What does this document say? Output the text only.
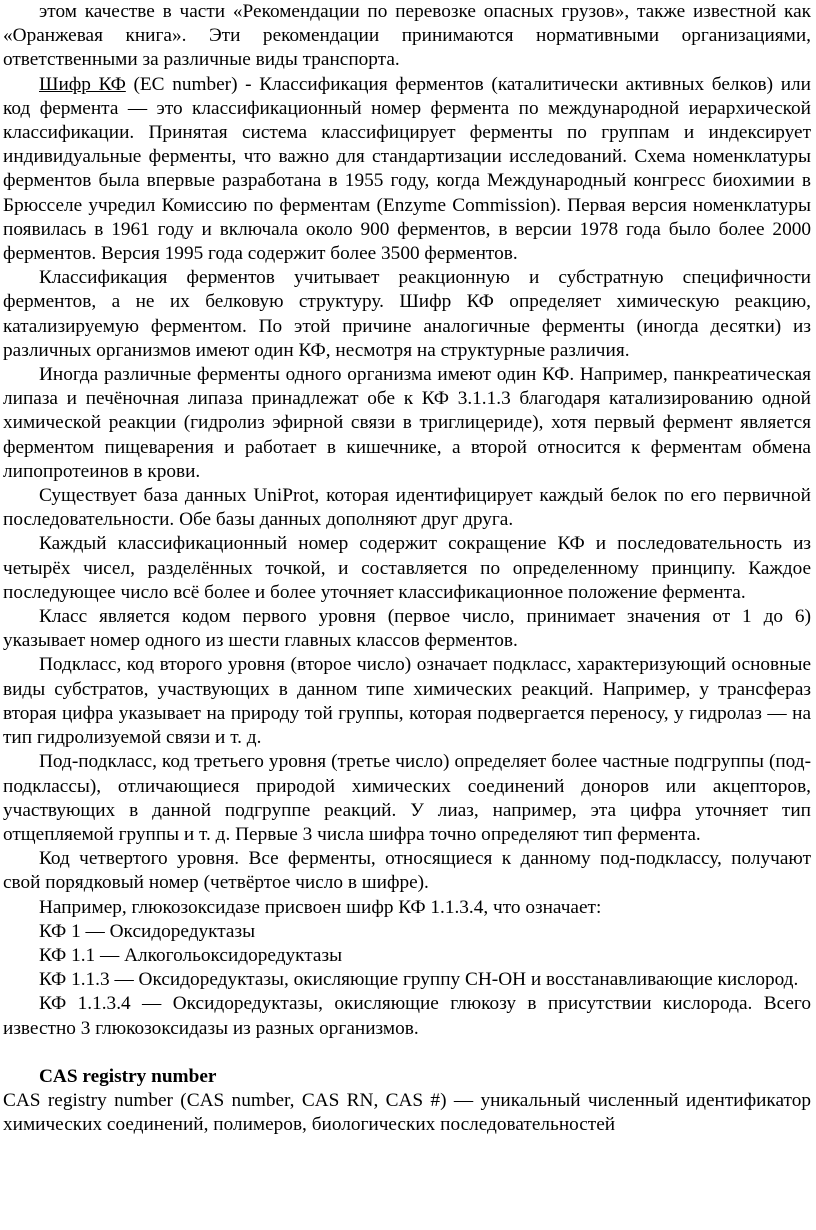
этом качестве в части «Рекомендации по перевозке опасных грузов», также известной как «Оранжевая книга». Эти рекомендации принимаются нормативными организациями, ответственными за различные виды транспорта.

Шифр КФ (EC number) - Классификация ферментов (каталитически активных белков) или код фермента — это классификационный номер фермента по международной иерархической классификации. Принятая система классифицирует ферменты по группам и индексирует индивидуальные ферменты, что важно для стандартизации исследований. Схема номенклатуры ферментов была впервые разработана в 1955 году, когда Международный конгресс биохимии в Брюсселе учредил Комиссию по ферментам (Enzyme Commission). Первая версия номенклатуры появилась в 1961 году и включала около 900 ферментов, в версии 1978 года было более 2000 ферментов. Версия 1995 года содержит более 3500 ферментов.

Классификация ферментов учитывает реакционную и субстратную специфичности ферментов, а не их белковую структуру. Шифр КФ определяет химическую реакцию, катализируемую ферментом. По этой причине аналогичные ферменты (иногда десятки) из различных организмов имеют один КФ, несмотря на структурные различия.

Иногда различные ферменты одного организма имеют один КФ. Например, панкреатическая липаза и печёночная липаза принадлежат обе к КФ 3.1.1.3 благодаря катализированию одной химической реакции (гидролиз эфирной связи в триглицериде), хотя первый фермент является ферментом пищеварения и работает в кишечнике, а второй относится к ферментам обмена липопротеинов в крови.

Существует база данных UniProt, которая идентифицирует каждый белок по его первичной последовательности. Обе базы данных дополняют друг друга.

Каждый классификационный номер содержит сокращение КФ и последовательность из четырёх чисел, разделённых точкой, и составляется по определенному принципу. Каждое последующее число всё более и более уточняет классификационное положение фермента.

Класс является кодом первого уровня (первое число, принимает значения от 1 до 6) указывает номер одного из шести главных классов ферментов.

Подкласс, код второго уровня (второе число) означает подкласс, характеризующий основные виды субстратов, участвующих в данном типе химических реакций. Например, у трансфераз вторая цифра указывает на природу той группы, которая подвергается переносу, у гидролаз — на тип гидролизуемой связи и т. д.

Под-подкласс, код третьего уровня (третье число) определяет более частные подгруппы (под-подклассы), отличающиеся природой химических соединений доноров или акцепторов, участвующих в данной подгруппе реакций. У лиаз, например, эта цифра уточняет тип отщепляемой группы и т. д. Первые 3 числа шифра точно определяют тип фермента.

Код четвертого уровня. Все ферменты, относящиеся к данному под-подклассу, получают свой порядковый номер (четвёртое число в шифре).

Например, глюкозоксидазе присвоен шифр КФ 1.1.3.4, что означает:

КФ 1 — Оксидоредуктазы

КФ 1.1 — Алкогольоксидоредуктазы

КФ 1.1.3 — Оксидоредуктазы, окисляющие группу CH-OH и восстанавливающие кислород.

КФ 1.1.3.4 — Оксидоредуктазы, окисляющие глюкозу в присутствии кислорода. Всего известно 3 глюкозоксидазы из разных организмов.

CAS registry number

CAS registry number (CAS number, CAS RN, CAS #) — уникальный численный идентификатор химических соединений, полимеров, биологических последовательностей
